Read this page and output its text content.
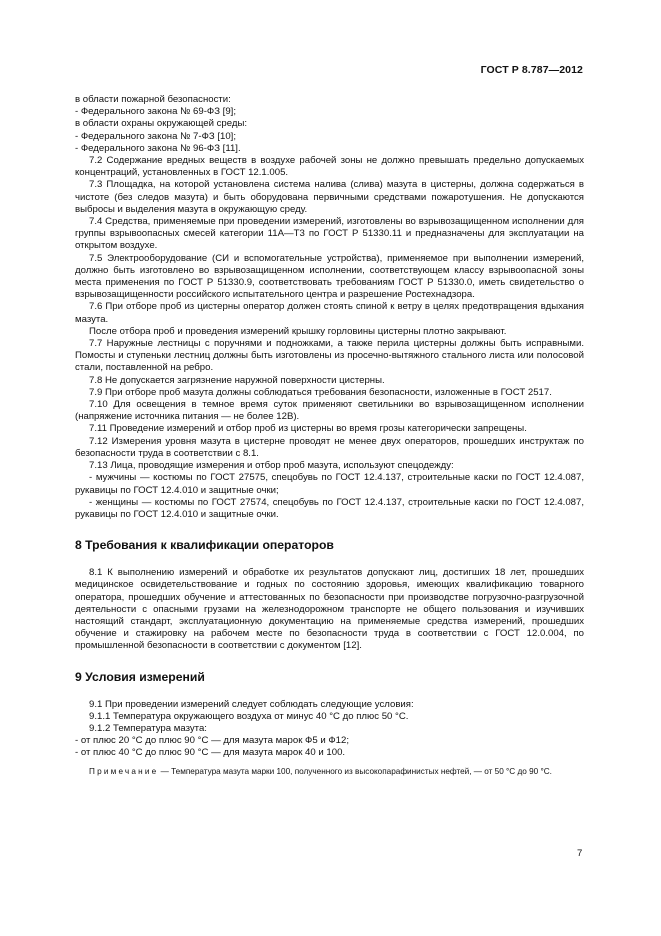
ГОСТ Р 8.787—2012

в области пожарной безопасности:

- Федерального закона № 69-ФЗ [9];

в области охраны окружающей среды:

- Федерального закона № 7-ФЗ [10];

- Федерального закона № 96-ФЗ [11].

7.2 Содержание вредных веществ в воздухе рабочей зоны не должно превышать предельно допускаемых концентраций, установленных в ГОСТ 12.1.005.

7.3 Площадка, на которой установлена система налива (слива) мазута в цистерны, должна содержаться в чистоте (без следов мазута) и быть оборудована первичными средствами пожаротушения. Не допускаются выбросы и выделения мазута в окружающую среду.

7.4 Средства, применяемые при проведении измерений, изготовлены во взрывозащищенном исполнении для группы взрывоопасных смесей категории 11А—Т3 по ГОСТ Р 51330.11 и предназначены для эксплуатации на открытом воздухе.

7.5 Электрооборудование (СИ и вспомогательные устройства), применяемое при выполнении измерений, должно быть изготовлено во взрывозащищенном исполнении, соответствующем классу взрывоопасной зоны места применения по ГОСТ Р 51330.9, соответствовать требованиям ГОСТ Р 51330.0, иметь свидетельство о взрывозащищенности российского испытательного центра и разрешение Ростехнадзора.

7.6 При отборе проб из цистерны оператор должен стоять спиной к ветру в целях предотвращения вдыхания мазута.

После отбора проб и проведения измерений крышку горловины цистерны плотно закрывают.

7.7 Наружные лестницы с поручнями и подножками, а также перила цистерны должны быть исправными. Помосты и ступеньки лестниц должны быть изготовлены из просечно-вытяжного стального листа или полосовой стали, поставленной на ребро.

7.8 Не допускается загрязнение наружной поверхности цистерны.

7.9 При отборе проб мазута должны соблюдаться требования безопасности, изложенные в ГОСТ 2517.

7.10 Для освещения в темное время суток применяют светильники во взрывозащищенном исполнении (напряжение источника питания — не более 12В).

7.11 Проведение измерений и отбор проб из цистерны во время грозы категорически запрещены.

7.12 Измерения уровня мазута в цистерне проводят не менее двух операторов, прошедших инструктаж по безопасности труда в соответствии с 8.1.

7.13 Лица, проводящие измерения и отбор проб мазута, используют спецодежду:

- мужчины — костюмы по ГОСТ 27575, спецобувь по ГОСТ 12.4.137, строительные каски по ГОСТ 12.4.087, рукавицы по ГОСТ 12.4.010 и защитные очки;

- женщины — костюмы по ГОСТ 27574, спецобувь по ГОСТ 12.4.137, строительные каски по ГОСТ 12.4.087, рукавицы по ГОСТ 12.4.010 и защитные очки.

8 Требования к квалификации операторов

8.1 К выполнению измерений и обработке их результатов допускают лиц, достигших 18 лет, прошедших медицинское освидетельствование и годных по состоянию здоровья, имеющих квалификацию товарного оператора, прошедших обучение и аттестованных по безопасности при производстве погрузочно-разгрузочной деятельности с опасными грузами на железнодорожном транспорте не общего пользования и изучивших настоящий стандарт, эксплуатационную документацию на применяемые средства измерений, прошедших обучение и стажировку на рабочем месте по безопасности труда в соответствии с ГОСТ 12.0.004, по промышленной безопасности в соответствии с документом [12].

9 Условия измерений

9.1 При проведении измерений следует соблюдать следующие условия:

9.1.1 Температура окружающего воздуха от минус 40 °С до плюс 50 °С.

9.1.2 Температура мазута:

- от плюс 20 °С до плюс 90 °С — для мазута марок Ф5 и Ф12;

- от плюс 40 °С до плюс 90 °С — для мазута марок 40 и 100.

Примечание — Температура мазута марки 100, полученного из высокопарафинистых нефтей, — от 50 °С до 90 °С.

7
